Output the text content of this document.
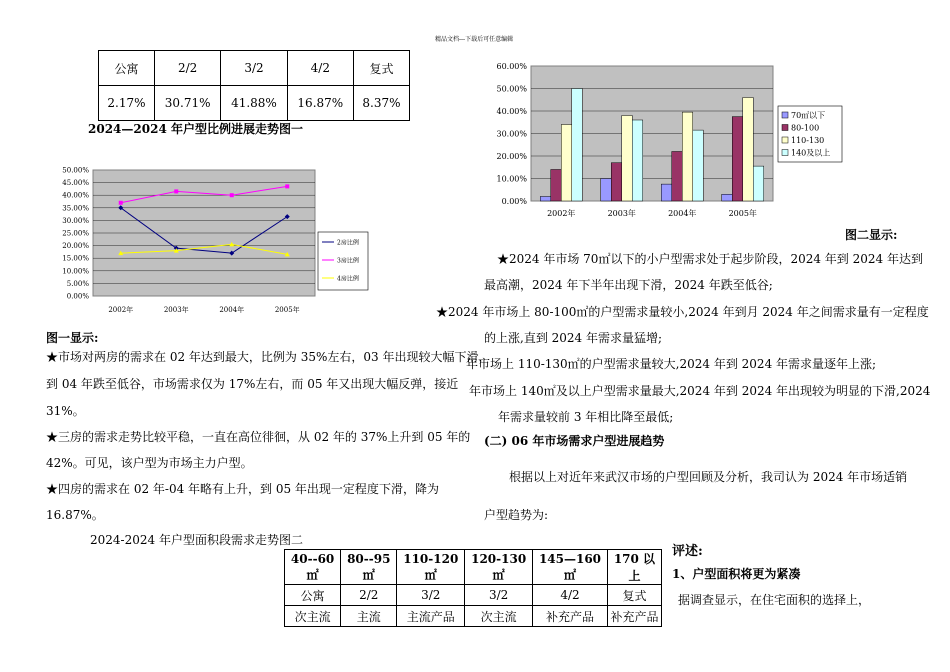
精品文档---下载后可任意编辑
公寓	2/2	3/2	4/2	复式
2.17%	30.71%	41.88%	16.87%	8.37%
2024—2024 年户型比例进展走势图一
0.00%
5.00%
10.00%
15.00%
20.00%
25.00%
30.00%
35.00%
40.00%
45.00%
50.00%
2002年	2003年	2004年	2005年
2房比例
3房比例
4房比例
0.00%
10.00%
20.00%
30.00%
40.00%
50.00%
60.00%
2002年	2003年	2004年	2005年
70㎡以下
80-100
110-130
140及以上
图二显示:
图一显示:
★市场对两房的需求在 02 年达到最大，比例为 35%左右，03 年出现较大幅下滑，
到 04 年跌至低谷，市场需求仅为 17%左右，而 05 年又出现大幅反弹，接近
31%。
★三房的需求走势比较平稳，一直在高位徘徊，从 02 年的 37%上升到 05 年的
42%。可见，该户型为市场主力户型。
★四房的需求在 02 年-04 年略有上升，到 05 年出现一定程度下滑，降为
16.87%。
2024-2024 年户型面积段需求走势图二
40--60㎡	80--95㎡	110-120㎡	120-130㎡	145—160㎡	170 以上
公寓	2/2	3/2	3/2	4/2	复式
次主流	主流	主流产品	次主流	补充产品	补充产品
★2024 年市场 70㎡以下的小户型需求处于起步阶段，2024 年到 2024 年达到
最高潮，2024 年下半年出现下滑，2024 年跌至低谷;
★2024 年市场上 80-100㎡的户型需求量较小,2024 年到月 2024 年之间需求量有一定程度
的上涨,直到 2024 年需求量猛增;
年市场上 110-130㎡的户型需求量较大,2024 年到 2024 年需求量逐年上涨;
年市场上 140㎡及以上户型需求量最大,2024 年到 2024 年出现较为明显的下滑,2024
年需求量较前 3 年相比降至最低;
(二) 06 年市场需求户型进展趋势
根据以上对近年来武汉市场的户型回顾及分析，我司认为 2024 年市场适销
户型趋势为:
评述:
1、户型面积将更为紧凑
据调查显示，在住宅面积的选择上，
